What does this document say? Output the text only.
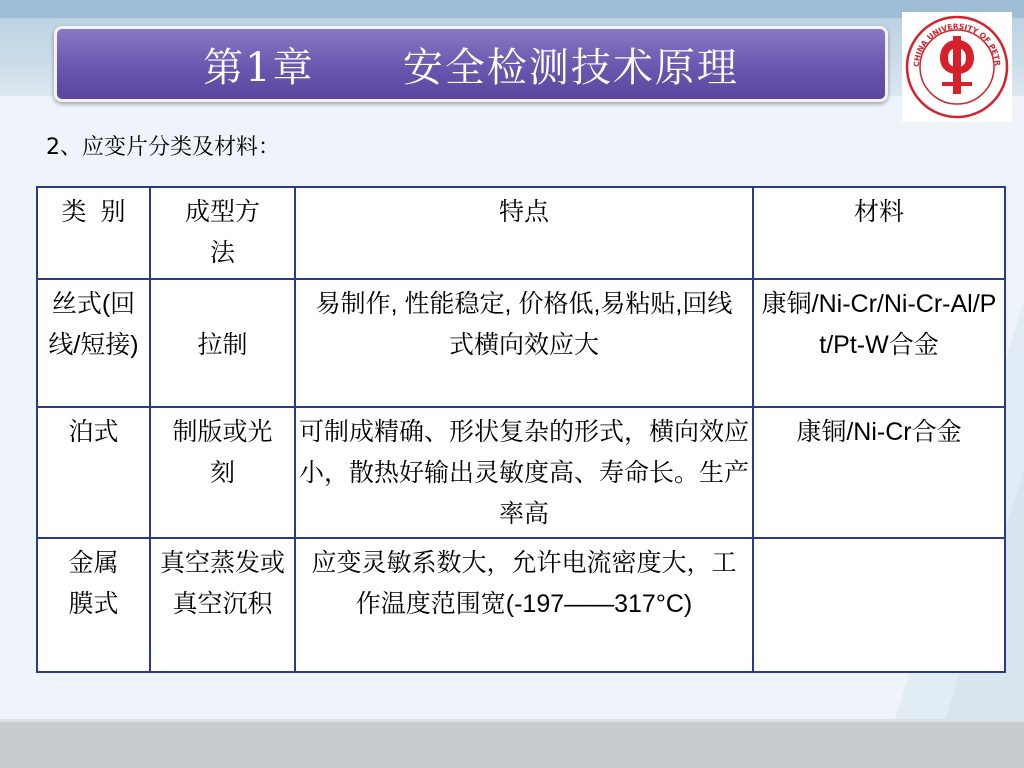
第1章      安全检测技术原理	CHINA UNIVERSITY OF PETR
2、应变片分类及材料：
类  别	成型方法	特点	材料
丝式(回线/短接)	拉制	易制作, 性能稳定, 价格低,易粘贴,回线式横向效应大	康铜/Ni-Cr/Ni-Cr-Al/Pt/Pt-W合金
泊式	制版或光刻	可制成精确、形状复杂的形式，横向效应小，散热好输出灵敏度高、寿命长。生产率高	康铜/Ni-Cr合金
金属膜式	真空蒸发或真空沉积	应变灵敏系数大，允许电流密度大，工作温度范围宽(-197——317°C)	
